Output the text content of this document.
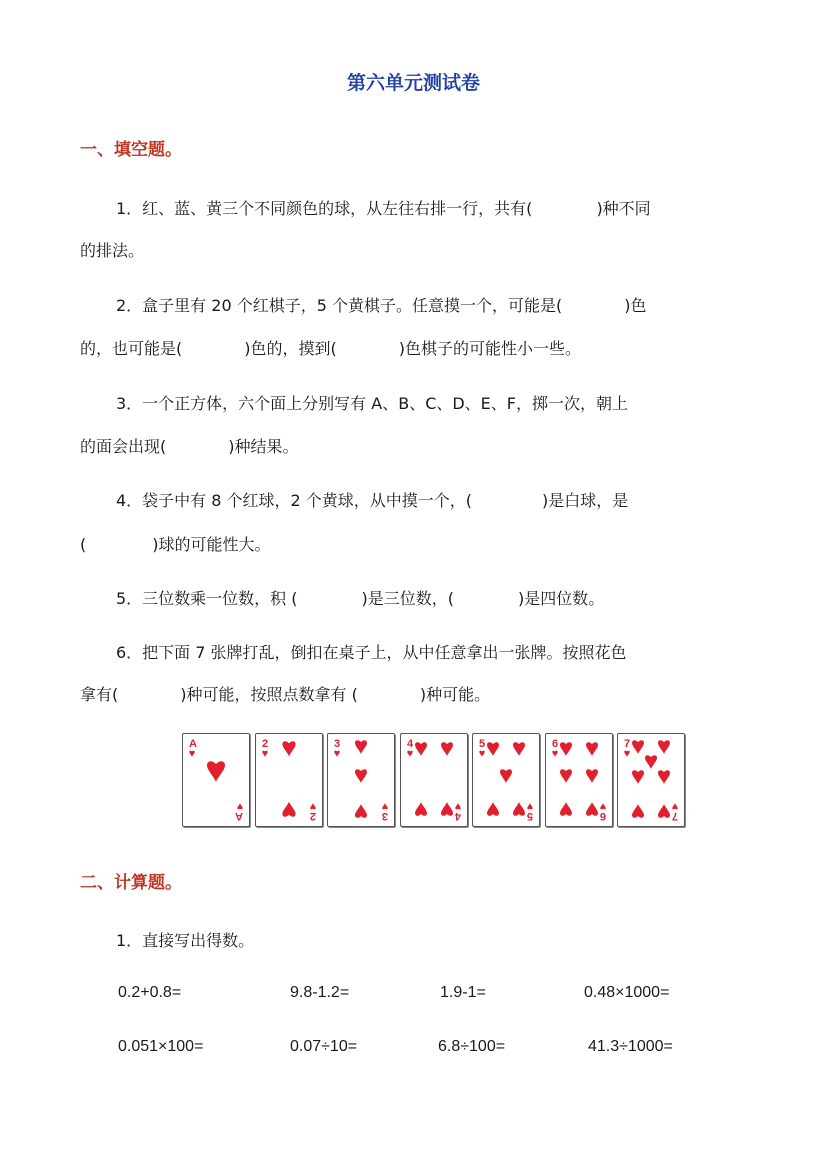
第六单元测试卷
一、填空题。
1．红、蓝、黄三个不同颜色的球，从左往右排一行，共有(	)种不同
的排法。
2．盒子里有 20 个红棋子，5 个黄棋子。任意摸一个，可能是(	)色
的，也可能是(	)色的，摸到(	)色棋子的可能性小一些。
3．一个正方体，六个面上分别写有 A、B、C、D、E、F，掷一次，朝上
的面会出现(	)种结果。
4．袋子中有 8 个红球，2 个黄球，从中摸一个，(	)是白球，是
(	)球的可能性大。
5．三位数乘一位数，积 (	)是三位数，(	)是四位数。
6．把下面 7 张牌打乱，倒扣在桌子上，从中任意拿出一张牌。按照花色
拿有(	)种可能，按照点数拿有 (	)种可能。
A
A
2
2
3
3
4
4
5
5
6
6
7
7
二、计算题。
1．直接写出得数。
0.2+0.8=	9.8-1.2=	1.9-1=	0.48×1000=
0.051×100=	0.07÷10=	6.8÷100=	41.3÷1000=
